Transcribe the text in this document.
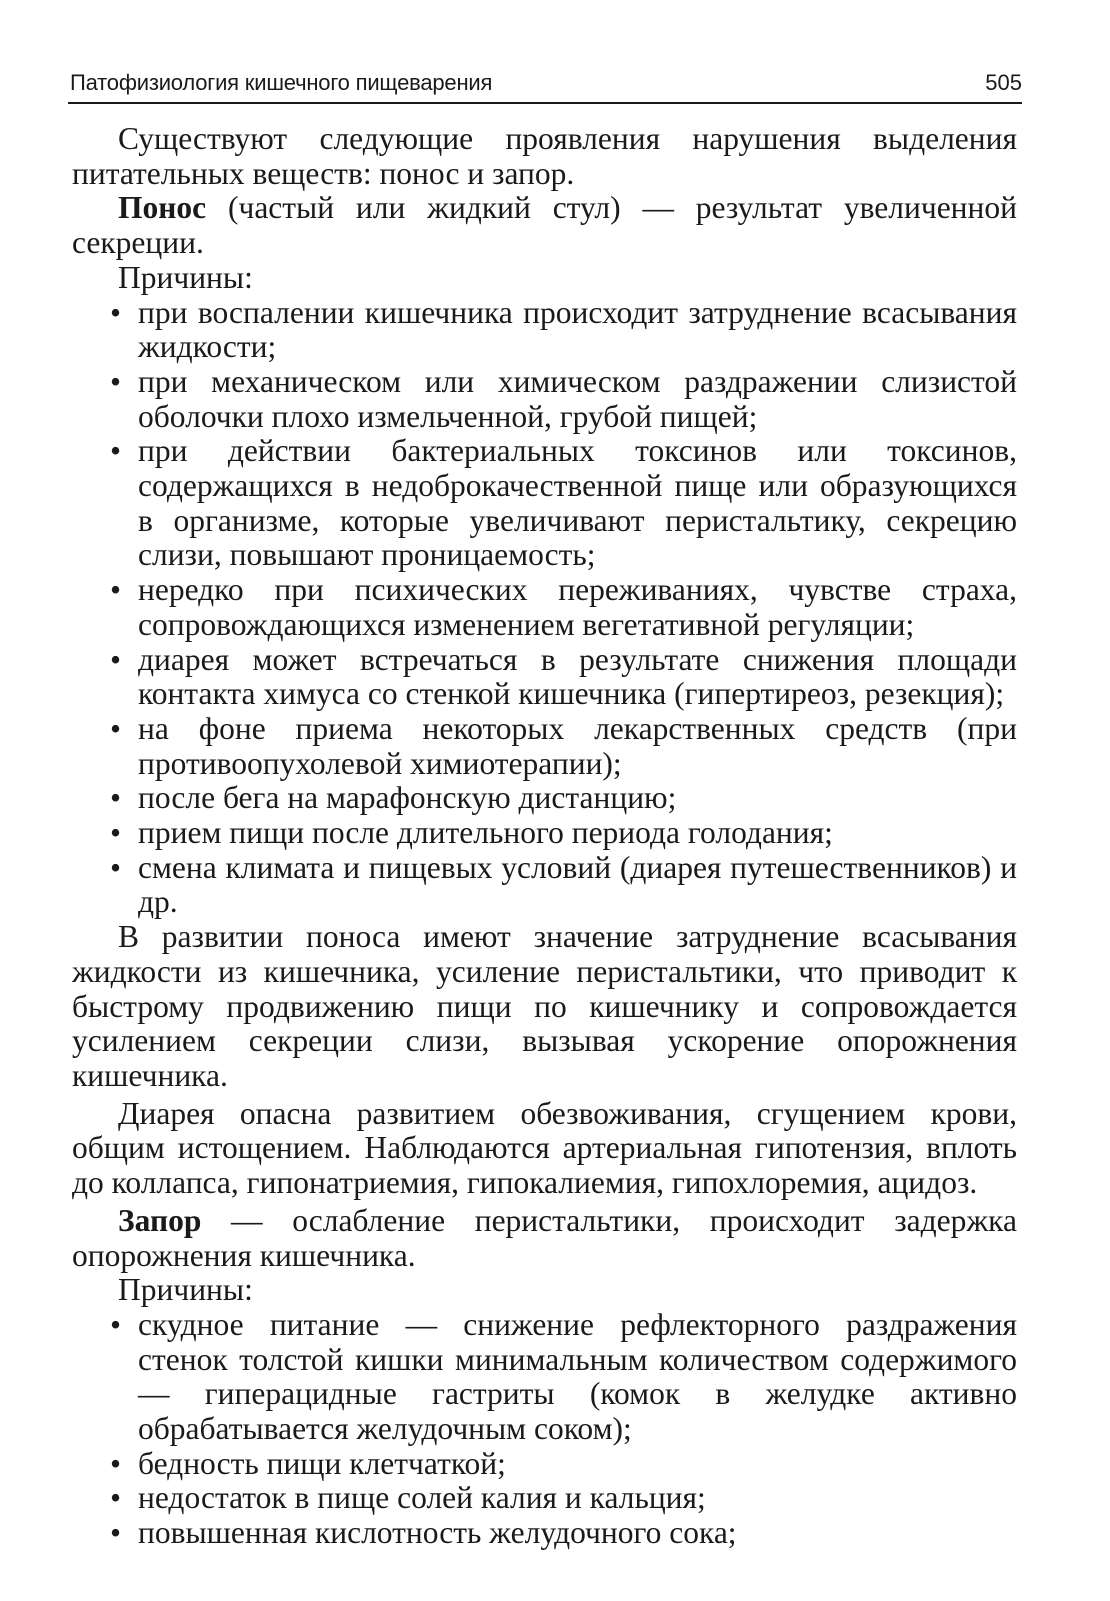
Патофизиология кишечного пищеварения	505

Существуют следующие проявления нарушения выделения питательных веществ: понос и запор.

Понос (частый или жидкий стул) — результат увеличенной секреции.

Причины:

• при воспалении кишечника происходит затруднение всасывания жидкости;
• при механическом или химическом раздражении слизистой оболочки плохо измельченной, грубой пищей;
• при действии бактериальных токсинов или токсинов, содержащихся в недоброкачественной пище или образующихся в организме, которые увеличивают перистальтику, секрецию слизи, повышают проницаемость;
• нередко при психических переживаниях, чувстве страха, сопровождающихся изменением вегетативной регуляции;
• диарея может встречаться в результате снижения площади контакта химуса со стенкой кишечника (гипертиреоз, резекция);
• на фоне приема некоторых лекарственных средств (при противоопухолевой химиотерапии);
• после бега на марафонскую дистанцию;
• прием пищи после длительного периода голодания;
• смена климата и пищевых условий (диарея путешественников) и др.

В развитии поноса имеют значение затруднение всасывания жидкости из кишечника, усиление перистальтики, что приводит к быстрому продвижению пищи по кишечнику и сопровождается усилением секреции слизи, вызывая ускорение опорожнения кишечника.

Диарея опасна развитием обезвоживания, сгущением крови, общим истощением. Наблюдаются артериальная гипотензия, вплоть до коллапса, гипонатриемия, гипокалиемия, гипохлоремия, ацидоз.

Запор — ослабление перистальтики, происходит задержка опорожнения кишечника.

Причины:

• скудное питание — снижение рефлекторного раздражения стенок толстой кишки минимальным количеством содержимого — гиперацидные гастриты (комок в желудке активно обрабатывается желудочным соком);
• бедность пищи клетчаткой;
• недостаток в пище солей калия и кальция;
• повышенная кислотность желудочного сока;
